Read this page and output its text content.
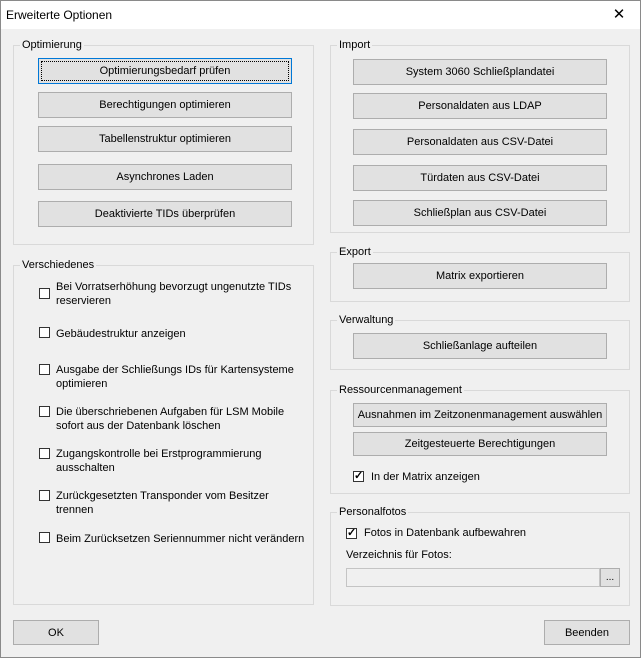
Erweiterte Optionen	✕
Optimierung
Optimierungsbedarf prüfen
Berechtigungen optimieren
Tabellenstruktur optimieren
Asynchrones Laden
Deaktivierte TIDs überprüfen
Verschiedenes
Bei Vorratserhöhung bevorzugt ungenutzte TIDs reservieren
Gebäudestruktur anzeigen
Ausgabe der Schließungs IDs für Kartensysteme optimieren
Die überschriebenen Aufgaben für LSM Mobile sofort aus der Datenbank löschen
Zugangskontrolle bei Erstprogrammierung ausschalten
Zurückgesetzten Transponder vom Besitzer trennen
Beim Zurücksetzen Seriennummer nicht verändern
Import
System 3060 Schließplandatei
Personaldaten aus LDAP
Personaldaten aus CSV-Datei
Türdaten aus CSV-Datei
Schließplan aus CSV-Datei
Export
Matrix exportieren
Verwaltung
Schließanlage aufteilen
Ressourcenmanagement
Ausnahmen im Zeitzonenmanagement auswählen
Zeitgesteuerte Berechtigungen
✓
In der Matrix anzeigen
Personalfotos
✓
Fotos in Datenbank aufbewahren
Verzeichnis für Fotos:
...
OK	Beenden
